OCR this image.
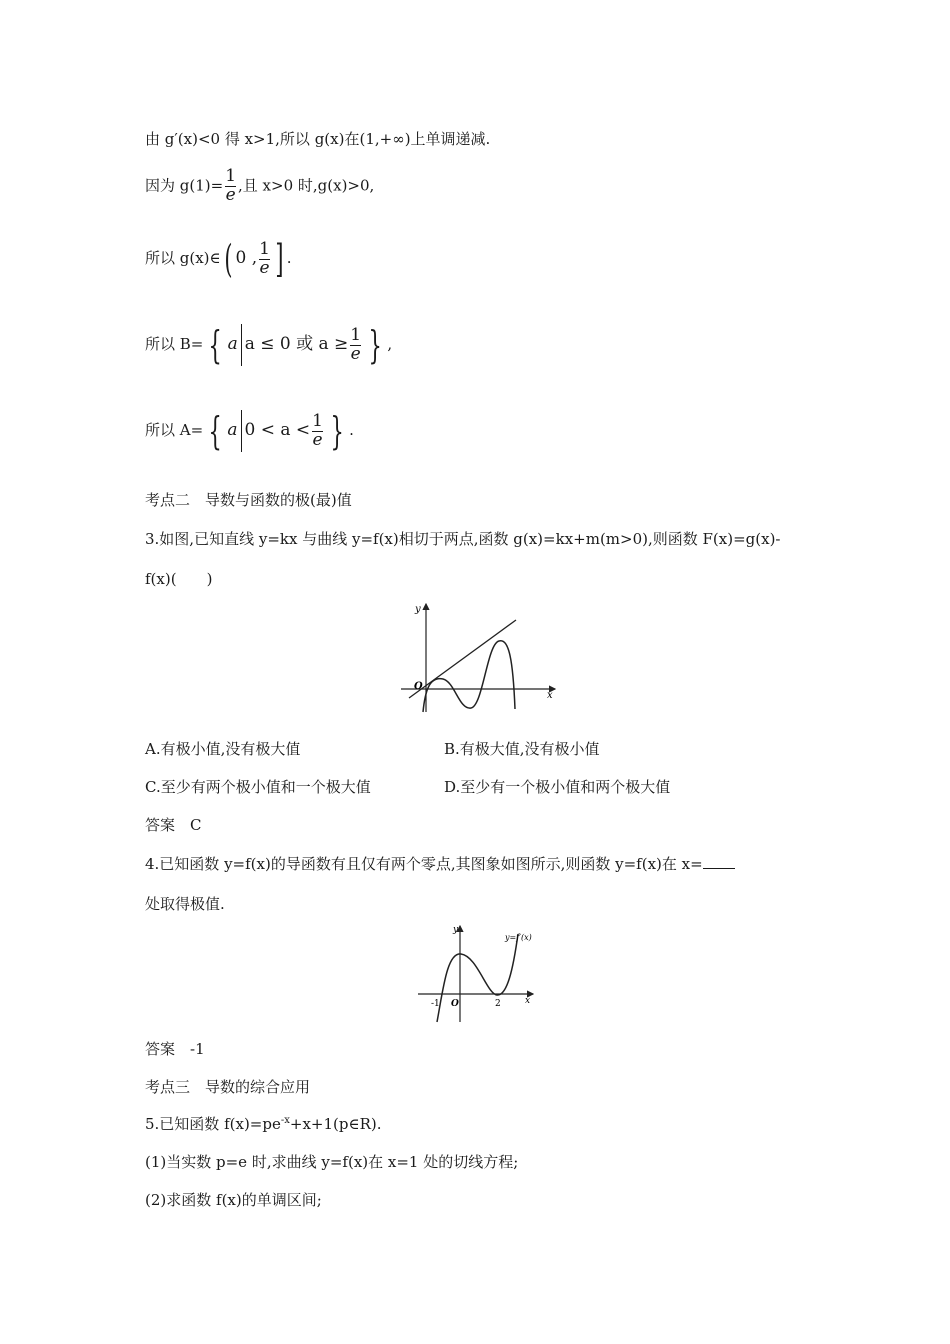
由 g′(x)<0 得 x>1,所以 g(x)在(1,+∞)上单调递减.
因为 $g(1)= \frac{1}{e}$ ,且 x>0 时,g(x)>0,
所以 g(x)∈( 0 , $\frac{1}{e}$ ] .
所以 B= { a a ≤ 0 或 $a \ge \frac{1}{e}$ } ,
所以 A= { a $0 < a < \frac{1}{e}$ } .
考点二　导数与函数的极(最)值
3.如图,已知直线 y=kx 与曲线 y=f(x)相切于两点,函数 g(x)=kx+m(m>0),则函数 F(x)=g(x)-
f(x)(　　)
y
x
O
A.有极小值,没有极大值	B.有极大值,没有极小值
C.至少有两个极小值和一个极大值	D.至少有一个极小值和两个极大值
答案　C
4.已知函数 y=f(x)的导函数有且仅有两个零点,其图象如图所示,则函数 y=f(x)在 x=
处取得极值.
y
x
O
-1	2
y=f′(x)
答案　-1
考点三　导数的综合应用
5.已知函数 $f(x)=pe^{-x}+x+1(p\in R)$.
(1)当实数 p=e 时,求曲线 y=f(x)在 x=1 处的切线方程;
(2)求函数 f(x)的单调区间;
